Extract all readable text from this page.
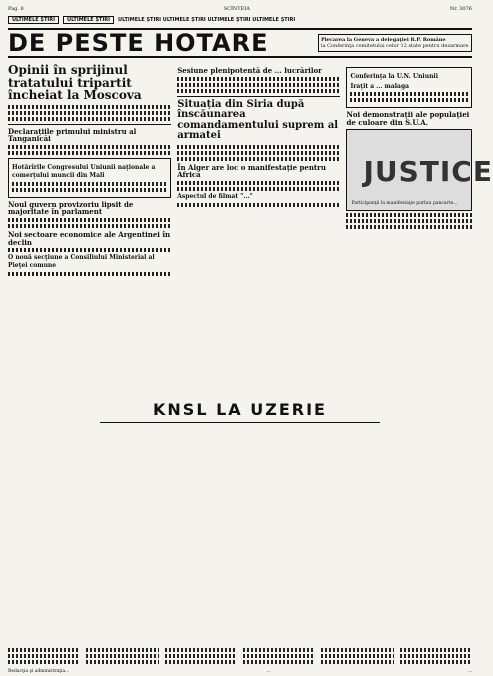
Pag. 8	SCÎNTEIA	Nr. 3076
ULTIMELE ȘTIRI	ULTIMELE ȘTIRI	ULTIMELE ȘTIRI ULTIMELE ȘTIRI ULTIMELE ȘTIRI ULTIMELE ȘTIRI
DE PESTE HOTARE	Plecarea la Geneva a delegaţiei R.P. Române
la Conferinţa comitetului celor 12 state pentru dezarmare
Opinii în sprijinul tratatului tripartit încheiat la Moscova
Declaraţiile primului ministru al Tanganicăi
Hotărîrile Congresului Uniunii naţionale a comerţului muncii din Mali
Noul guvern provizoriu lipsit de majoritate în parlament
Noi sectoare economice ale Argentinei în declin
O nouă secţiune a Consiliului Ministerial al Pieţei comune
Sesiune plenipotentă de ... lucrărilor
Situația din Siria după înscăunarea comandamentului suprem al armatei
În Alger are loc o manifestaţie pentru Africa
Aspectul de filmat "..."
Conferinţa la U.N. Uniunii
Iraţit a ... malaga
Noi demonstraţii ale populaţiei de culoare din S.U.A.
JUSTICE
Participanţii la manifestaţie purtau pancarte...
KNSL LA UZERIE
Redacţia şi administraţia...	...	...
